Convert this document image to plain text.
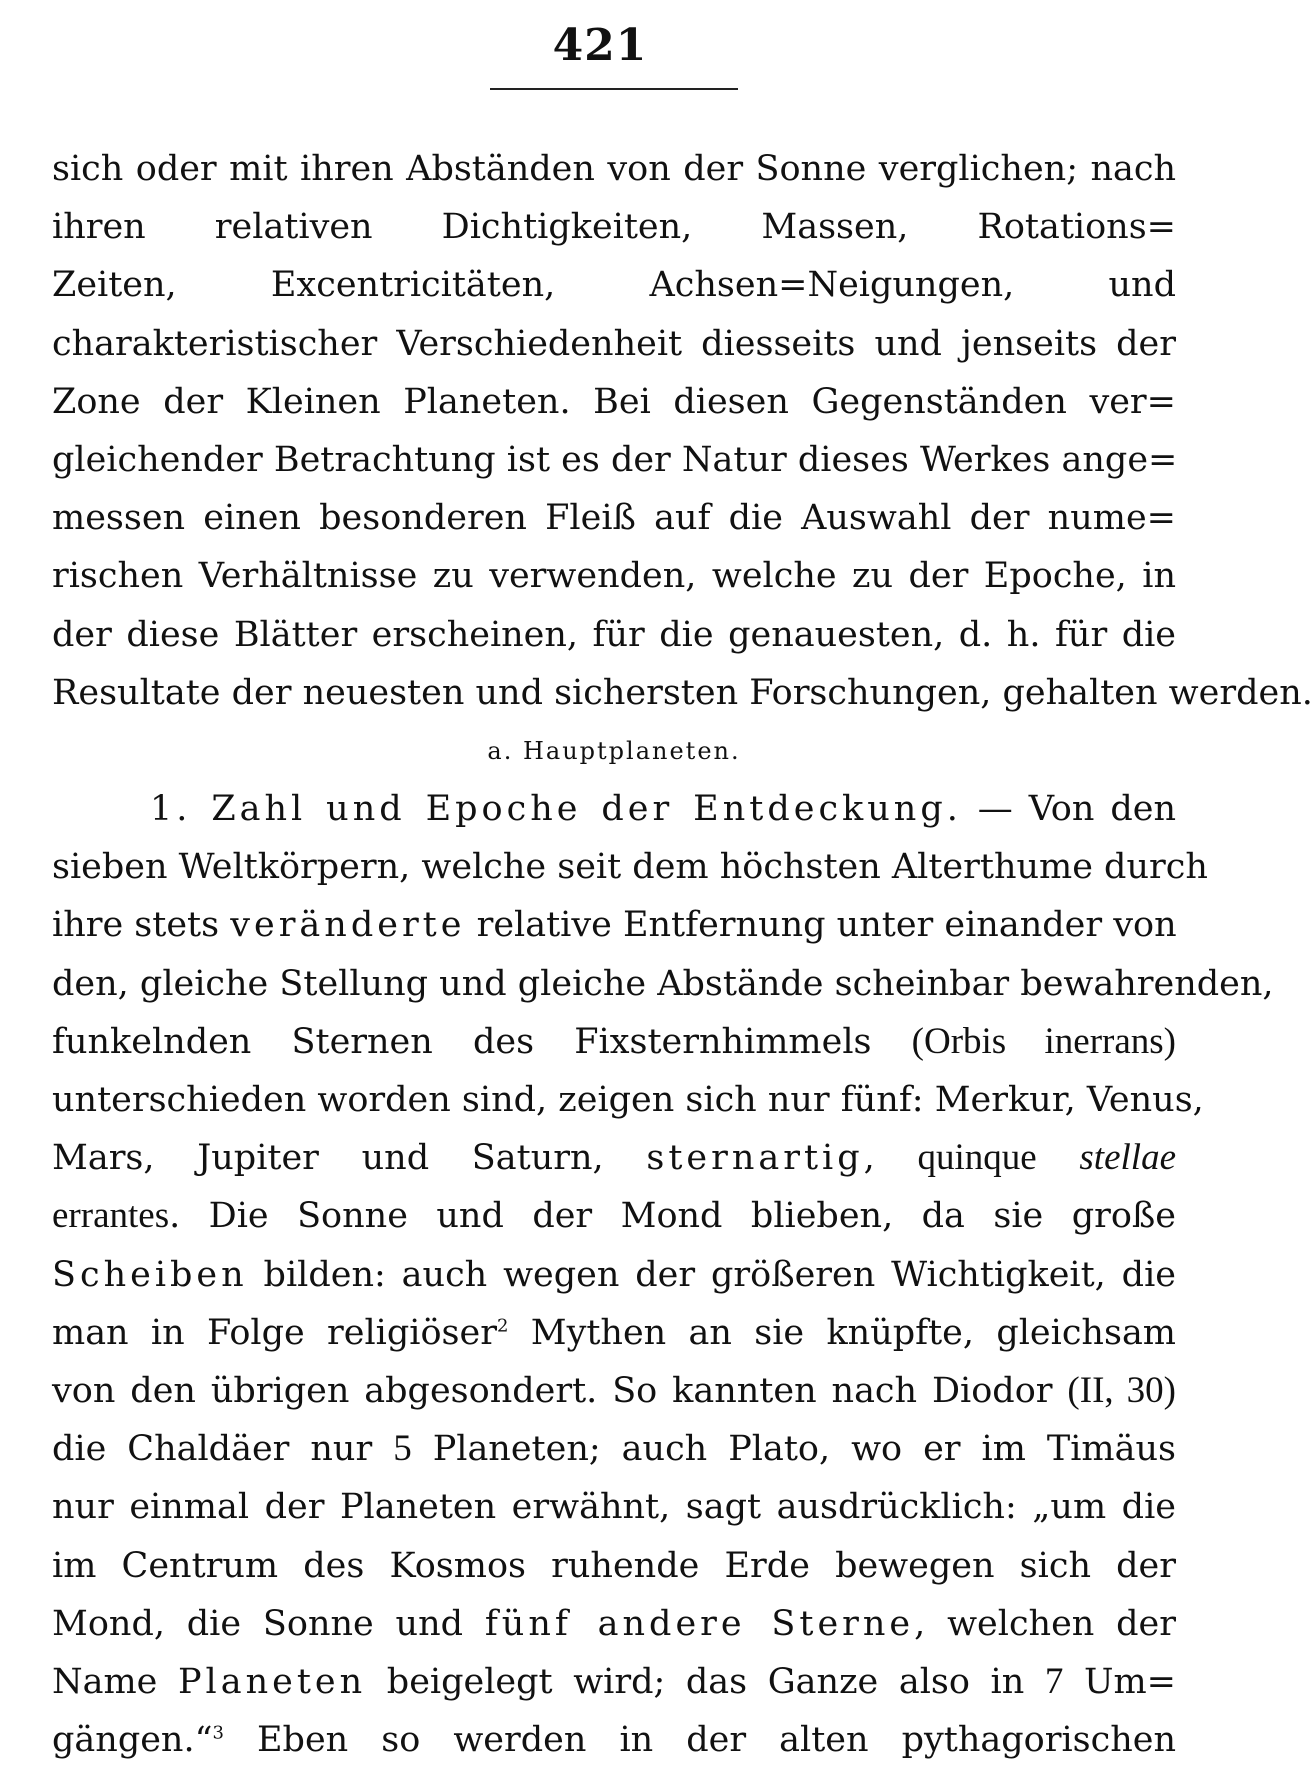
421
sich oder mit ihren Abständen von der Sonne verglichen; nach
ihren relativen Dichtigkeiten, Massen, Rotations=
Zeiten, Excentricitäten, Achsen=Neigungen, und
charakteristischer Verschiedenheit diesseits und jenseits der
Zone der Kleinen Planeten. Bei diesen Gegenständen ver=
gleichender Betrachtung ist es der Natur dieses Werkes ange=
messen einen besonderen Fleiß auf die Auswahl der nume=
rischen Verhältnisse zu verwenden, welche zu der Epoche, in
der diese Blätter erscheinen, für die genauesten, d. h. für die
Resultate der neuesten und sichersten Forschungen, gehalten werden.
a. Hauptplaneten.
1. Zahl und Epoche der Entdeckung. — Von den
sieben Weltkörpern, welche seit dem höchsten Alterthume durch
ihre stets veränderte relative Entfernung unter einander von
den, gleiche Stellung und gleiche Abstände scheinbar bewahrenden,
funkelnden Sternen des Fixsternhimmels (Orbis inerrans)
unterschieden worden sind, zeigen sich nur fünf: Merkur, Venus,
Mars, Jupiter und Saturn, sternartig, quinque stellae
errantes. Die Sonne und der Mond blieben, da sie große
Scheiben bilden: auch wegen der größeren Wichtigkeit, die
man in Folge religiöser$^2$ Mythen an sie knüpfte, gleichsam
von den übrigen abgesondert. So kannten nach Diodor (II, 30)
die Chaldäer nur 5 Planeten; auch Plato, wo er im Timäus
nur einmal der Planeten erwähnt, sagt ausdrücklich: „um die
im Centrum des Kosmos ruhende Erde bewegen sich der
Mond, die Sonne und fünf andere Sterne, welchen der
Name Planeten beigelegt wird; das Ganze also in 7 Um=
gängen.“$^3$ Eben so werden in der alten pythagorischen
